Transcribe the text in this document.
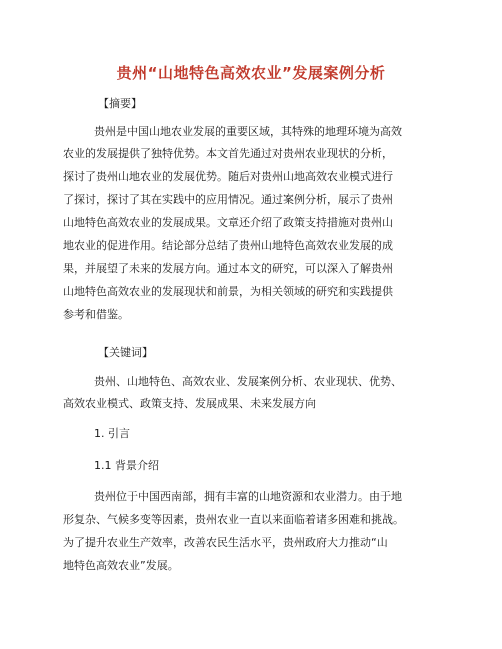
贵州“山地特色高效农业”发展案例分析

【摘要】

贵州是中国山地农业发展的重要区域，其特殊的地理环境为高效

农业的发展提供了独特优势。本文首先通过对贵州农业现状的分析，

探讨了贵州山地农业的发展优势。随后对贵州山地高效农业模式进行

了探讨，探讨了其在实践中的应用情况。通过案例分析，展示了贵州

山地特色高效农业的发展成果。文章还介绍了政策支持措施对贵州山

地农业的促进作用。结论部分总结了贵州山地特色高效农业发展的成

果，并展望了未来的发展方向。通过本文的研究，可以深入了解贵州

山地特色高效农业的发展现状和前景，为相关领域的研究和实践提供

参考和借鉴。

【关键词】

贵州、山地特色、高效农业、发展案例分析、农业现状、优势、

高效农业模式、政策支持、发展成果、未来发展方向

1. 引言

1.1 背景介绍

贵州位于中国西南部，拥有丰富的山地资源和农业潜力。由于地

形复杂、气候多变等因素，贵州农业一直以来面临着诸多困难和挑战。

为了提升农业生产效率，改善农民生活水平，贵州政府大力推动“山

地特色高效农业”发展。
